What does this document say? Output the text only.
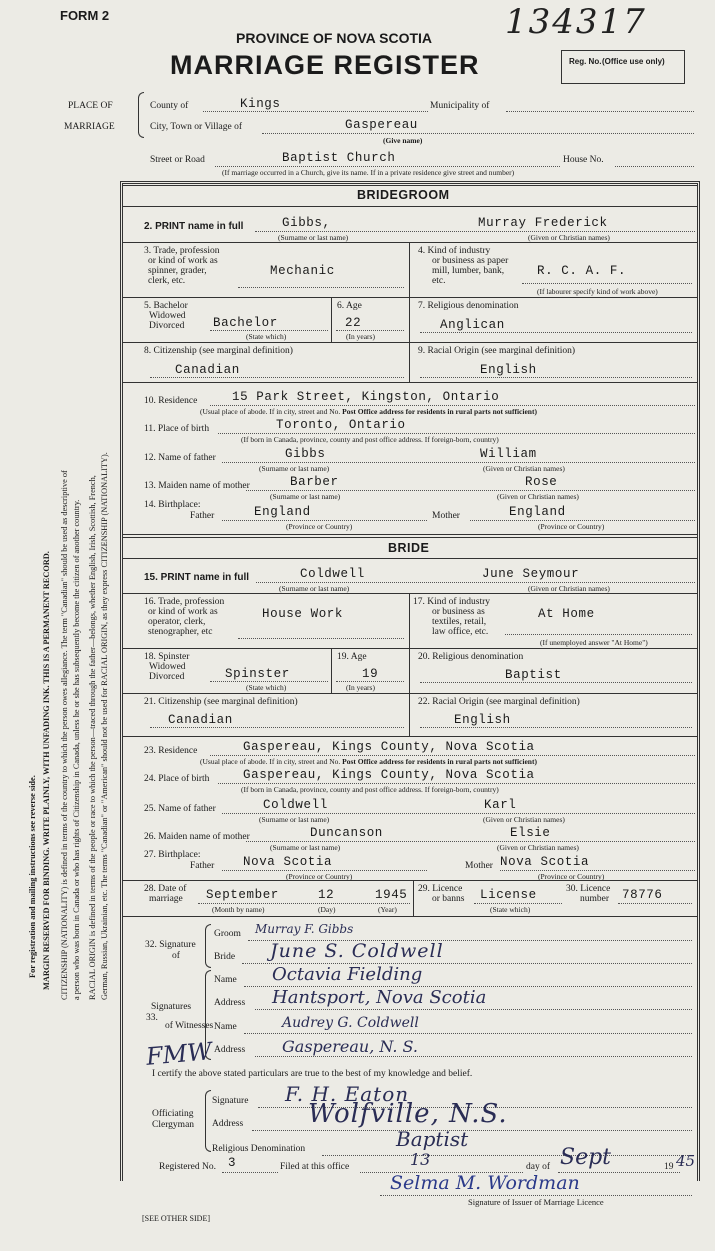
FORM 2	134317
PROVINCE OF NOVA SCOTIA
MARRIAGE REGISTER	Reg. No. (Office use only)
PLACE OF
MARRIAGE
County of	Kings	Municipality of
City, Town or Village of	Gaspereau
(Give name)
Street or Road	Baptist Church	House No.
(If marriage occurred in a Church, give its name. If in a private residence give street and number)
For registration and mailing instructions see reverse side. MARGIN RESERVED FOR BINDING. WRITE PLAINLY, WITH UNFADING INK. THIS IS A PERMANENT RECORD. CITIZENSHIP (NATIONALITY) is defined in terms of the country to which the person owes allegiance. The term "Canadian" should be used as descriptive of a person who was born in Canada or who has rights of Citizenship in Canada, unless he or she has subsequently become the citizen of another country. RACIAL ORIGIN is defined in terms of the people or race to which the person—traced through the father—belongs, whether English, Irish, Scottish, French, German, Russian, Ukrainian, etc. The terms "Canadian" or "American" should not be used for RACIAL ORIGIN, as they express CITIZENSHIP (NATIONALITY).
BRIDEGROOM
2. PRINT name in full	Gibbs,	Murray Frederick
(Surname or last name)	(Given or Christian names)
3. Trade, profession
or kind of work as
spinner, grader,
clerk, etc.
Mechanic
4. Kind of industry
or business as paper
mill, lumber, bank,
etc.
R. C. A. F.
(If labourer specify kind of work above)
5. Bachelor
Widowed
Divorced Bachelor
(State which)
6. Age
22
(In years)
7. Religious denomination
Anglican
8. Citizenship (see marginal definition)
Canadian
9. Racial Origin (see marginal definition)
English
10. Residence	15 Park Street, Kingston, Ontario
(Usual place of abode. If in city, street and No. Post Office address for residents in rural parts not sufficient)
11. Place of birth	Toronto, Ontario
(If born in Canada, province, county and post office address. If foreign-born, country)
12. Name of father	Gibbs	William
(Surname or last name)	(Given or Christian names)
13. Maiden name of mother	Barber	Rose
(Surname or last name)	(Given or Christian names)
14. Birthplace:
Father	England
(Province or Country)
Mother	England
(Province or Country)
BRIDE
15. PRINT name in full	Coldwell	June Seymour
(Surname or last name)	(Given or Christian names)
16. Trade, profession
or kind of work as
operator, clerk,
stenographer, etc
House Work
17. Kind of industry
or business as
textiles, retail,
law office, etc.
At Home
(If unemployed answer "At Home")
18. Spinster
Widowed
Divorced	Spinster
(State which)
19. Age
19
(In years)
20. Religious denomination
Baptist
21. Citizenship (see marginal definition)
Canadian
22. Racial Origin (see marginal definition)
English
23. Residence	Gaspereau, Kings County, Nova Scotia
(Usual place of abode. If in city, street and No. Post Office address for residents in rural parts not sufficient)
24. Place of birth	Gaspereau, Kings County, Nova Scotia
(If born in Canada, province, county and post office address. If foreign-born, country)
25. Name of father	Coldwell	Karl
(Surname or last name)	(Given or Christian names)
26. Maiden name of mother	Duncanson	Elsie
(Surname or last name)	(Given or Christian names)
27. Birthplace:
Father Nova Scotia
(Province or Country)
Mother Nova Scotia
(Province or Country)
28. Date of
marriage September	12	1945
(Month by name)	(Day)	(Year)
29. Licence
or banns License
(State which)
30. Licence
number 78776
32. Signature
of
Groom Murray F. Gibbs
Bride June S. Coldwell
Signatures
33.
of Witnesses
Name Octavia Fielding
Address Hantsport, Nova Scotia
Name	Audrey G. Coldwell
Address Gaspereau, N. S.
FMW
I certify the above stated particulars are true to the best of my knowledge and belief.
Officiating
Clergyman
Signature F. H. Eaton
Address Wolfville, N.S.
Religious Denomination	Baptist
Registered No. 3	Filed at this office	13	day of Sept	19 45
Selma M. Wordman
Signature of Issuer of Marriage Licence
[SEE OTHER SIDE]
